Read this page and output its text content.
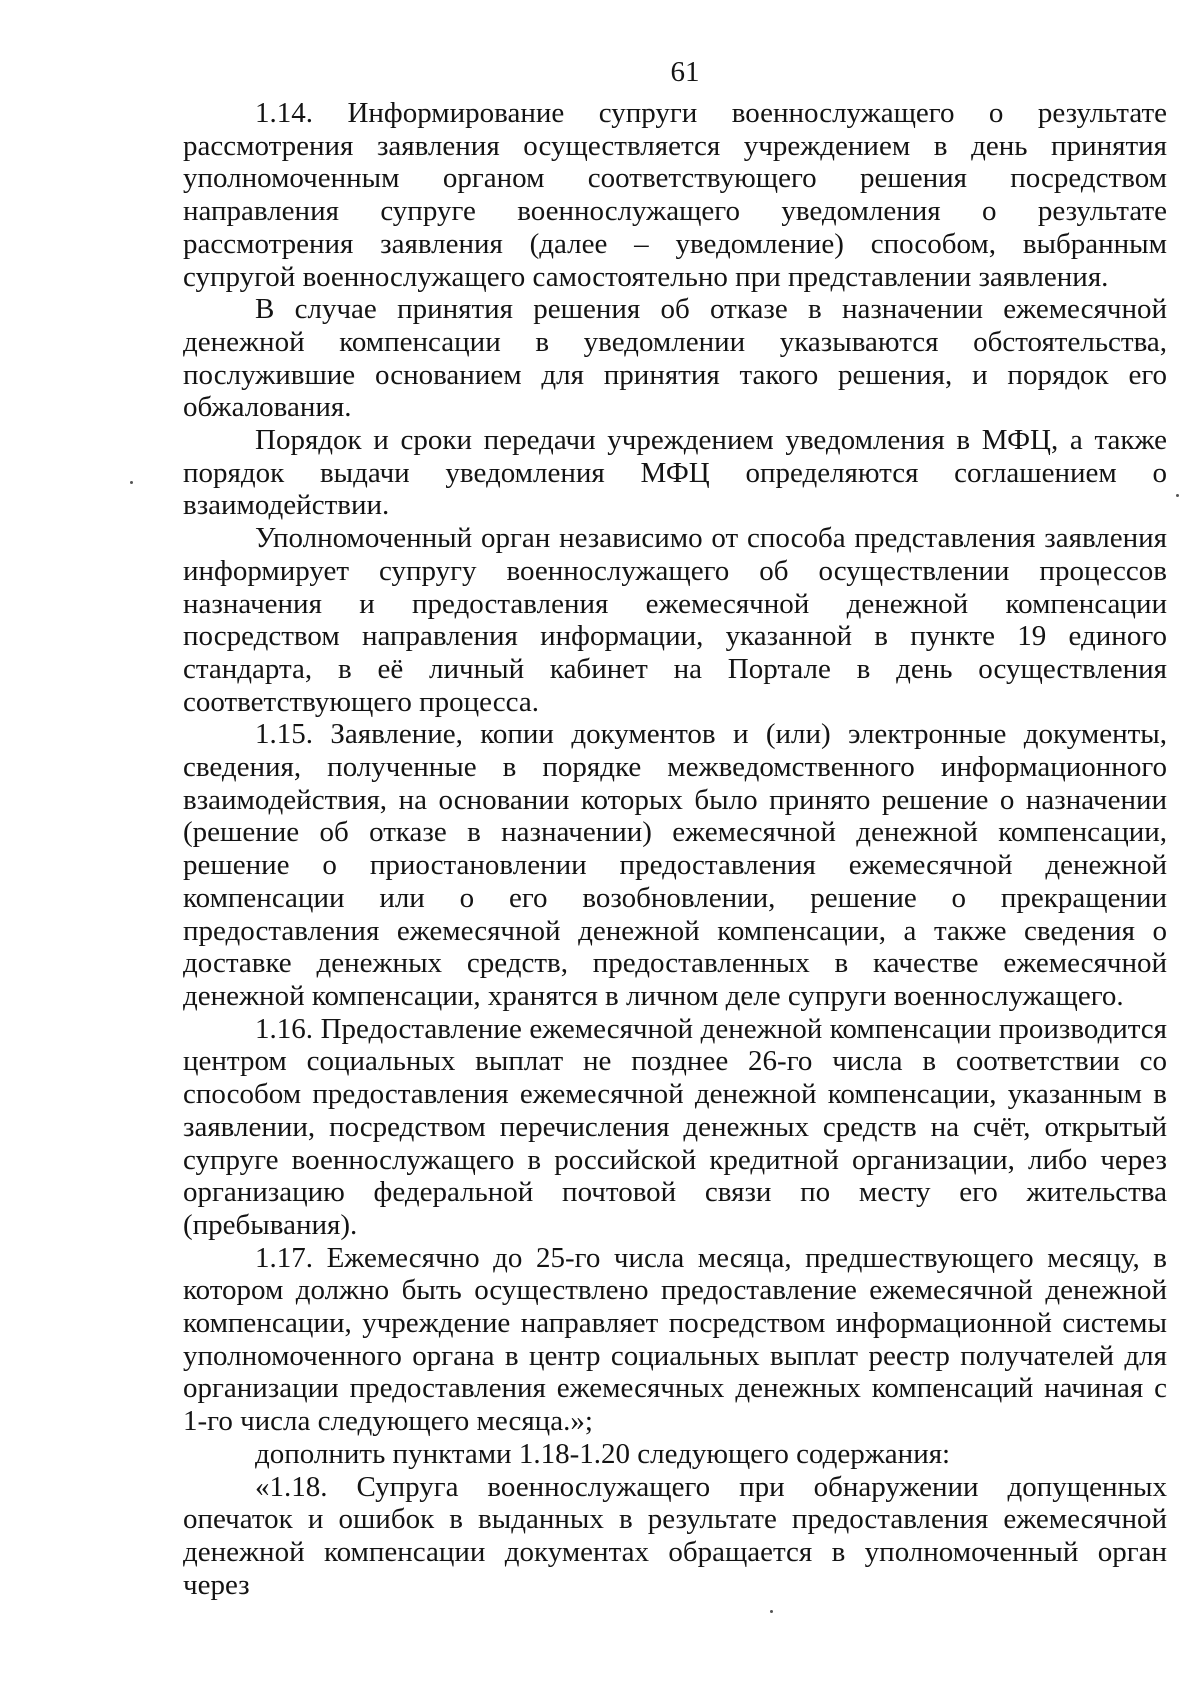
61

1.14. Информирование супруги военнослужащего о результате рассмотрения заявления осуществляется учреждением в день принятия уполномоченным органом соответствующего решения посредством направления супруге военнослужащего уведомления о результате рассмотрения заявления (далее – уведомление) способом, выбранным супругой военнослужащего самостоятельно при представлении заявления.

В случае принятия решения об отказе в назначении ежемесячной денежной компенсации в уведомлении указываются обстоятельства, послужившие основанием для принятия такого решения, и порядок его обжалования.

Порядок и сроки передачи учреждением уведомления в МФЦ, а также порядок выдачи уведомления МФЦ определяются соглашением о взаимодействии.

Уполномоченный орган независимо от способа представления заявления информирует супругу военнослужащего об осуществлении процессов назначения и предоставления ежемесячной денежной компенсации посредством направления информации, указанной в пункте 19 единого стандарта, в её личный кабинет на Портале в день осуществления соответствующего процесса.

1.15. Заявление, копии документов и (или) электронные документы, сведения, полученные в порядке межведомственного информационного взаимодействия, на основании которых было принято решение о назначении (решение об отказе в назначении) ежемесячной денежной компенсации, решение о приостановлении предоставления ежемесячной денежной компенсации или о его возобновлении, решение о прекращении предоставления ежемесячной денежной компенсации, а также сведения о доставке денежных средств, предоставленных в качестве ежемесячной денежной компенсации, хранятся в личном деле супруги военнослужащего.

1.16. Предоставление ежемесячной денежной компенсации производится центром социальных выплат не позднее 26-го числа в соответствии со способом предоставления ежемесячной денежной компенсации, указанным в заявлении, посредством перечисления денежных средств на счёт, открытый супруге военнослужащего в российской кредитной организации, либо через организацию федеральной почтовой связи по месту его жительства (пребывания).

1.17. Ежемесячно до 25-го числа месяца, предшествующего месяцу, в котором должно быть осуществлено предоставление ежемесячной денежной компенсации, учреждение направляет посредством информационной системы уполномоченного органа в центр социальных выплат реестр получателей для организации предоставления ежемесячных денежных компенсаций начиная с 1-го числа следующего месяца.»;

дополнить пунктами 1.18-1.20 следующего содержания:

«1.18. Супруга военнослужащего при обнаружении допущенных опечаток и ошибок в выданных в результате предоставления ежемесячной денежной компенсации документах обращается в уполномоченный орган через
